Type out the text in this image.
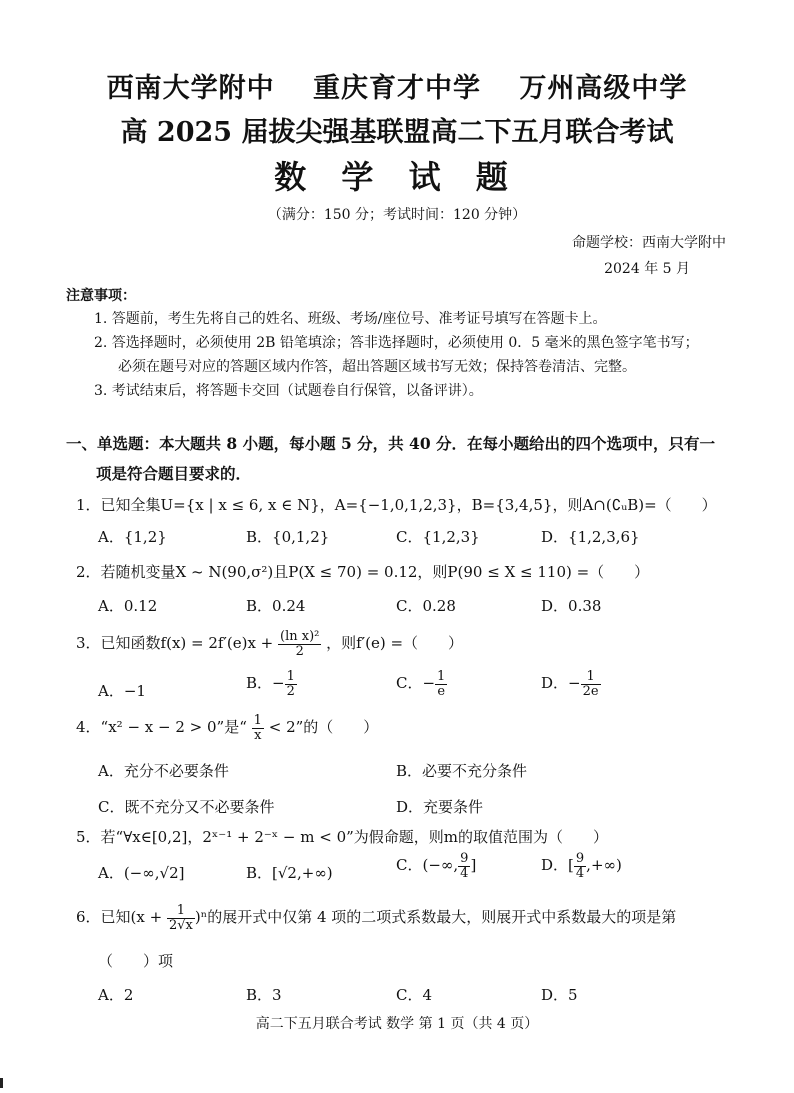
西南大学附中 重庆育才中学 万州高级中学
高 2025 届拔尖强基联盟高二下五月联合考试
数 学 试 题
（满分：150 分；考试时间：120 分钟）
命题学校：西南大学附中
2024 年 5 月
注意事项：
1. 答题前，考生先将自己的姓名、班级、考场/座位号、准考证号填写在答题卡上。
2. 答选择题时，必须使用 2B 铅笔填涂；答非选择题时，必须使用 0．5 毫米的黑色签字笔书写；
必须在题号对应的答题区域内作答，超出答题区域书写无效；保持答卷清洁、完整。
3. 考试结束后，将答题卡交回（试题卷自行保管，以备评讲）。
一、单选题：本大题共 8 小题，每小题 5 分，共 40 分．在每小题给出的四个选项中，只有一
项是符合题目要求的．
1．已知全集U={x | x ≤ 6, x ∈ N}，A={−1,0,1,2,3}，B={3,4,5}，则A∩(∁ᵤB)=（　　）
A．{1,2}	B．{0,1,2}	C．{1,2,3}	D．{1,2,3,6}
2．若随机变量X ~ N(90,σ²)且P(X ≤ 70) = 0.12，则P(90 ≤ X ≤ 110) =（　　）
A．0.12	B．0.24	C．0.28	D．0.38
3．已知函数$f(x) = 2f'(e)x + \frac{\text{(ln x)²}}{2}$ ，则f′(e) =（　　）
A．−1	B．− $\frac{1}{2}$	C．− $\frac{1}{e}$	D．− $\frac{1}{2e}$
4．“x² − x − 2 > 0”是“ $\frac{1}{x} < 2$”的（　　）
A．充分不必要条件	B．必要不充分条件
C．既不充分又不必要条件	D．充要条件
5．若“∀x∈[0,2]，2ˣ⁻¹ + 2⁻ˣ − m < 0”为假命题，则m的取值范围为（　　）
A．(−∞,√2]	B．[√2,+∞)	C．(−∞, $\frac{9}{4}$ ]	D．[ $\frac{9}{4}$ ,+∞)
6．已知$(x + \frac{1}{2√x} )^n$的展开式中仅第 4 项的二项式系数最大，则展开式中系数最大的项是第
（　　）项
A．2	B．3	C．4	D．5
高二下五月联合考试 数学 第 1 页（共 4 页）
